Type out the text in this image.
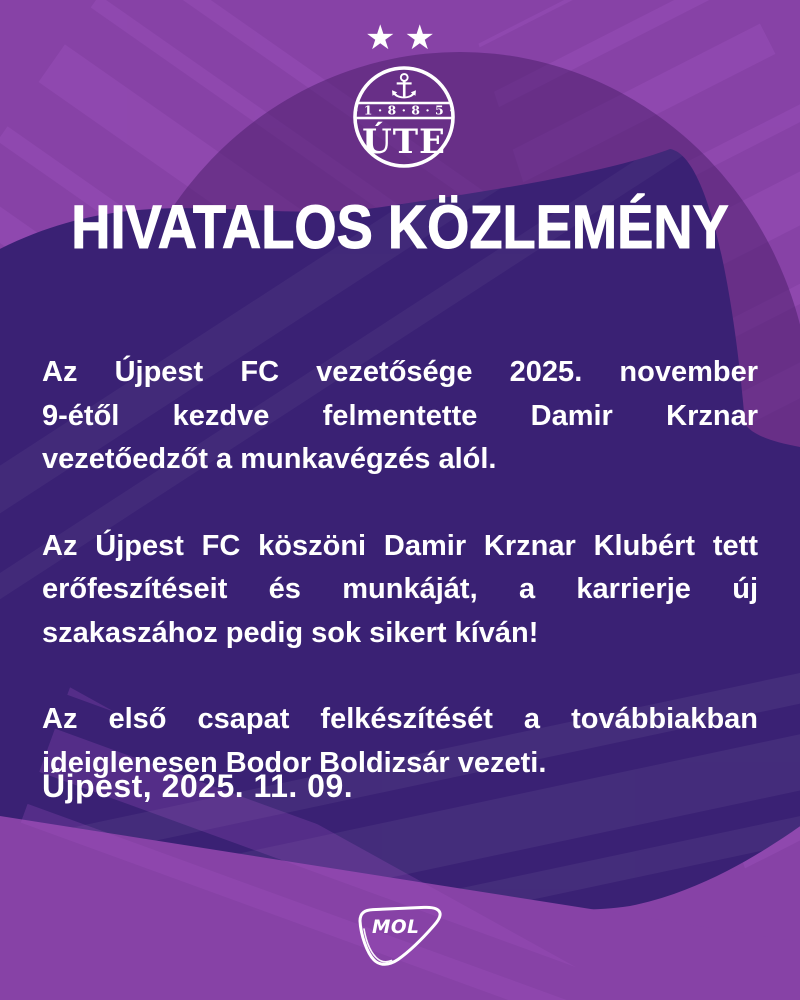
★ ★
⚓
· 1 · 8 · 8 · 5 ·
ÚTE
HIVATALOS KÖZLEMÉNY
Az Újpest FC vezetősége 2025. november
9-étől kezdve felmentette Damir Krznar
vezetőedzőt a munkavégzés alól.
Az Újpest FC köszöni Damir Krznar Klubért tett
erőfeszítéseit és munkáját, a karrierje új
szakaszához pedig sok sikert kíván!
Az első csapat felkészítését a továbbiakban
ideiglenesen Bodor Boldizsár vezeti.
Újpest, 2025. 11. 09.
MOL
